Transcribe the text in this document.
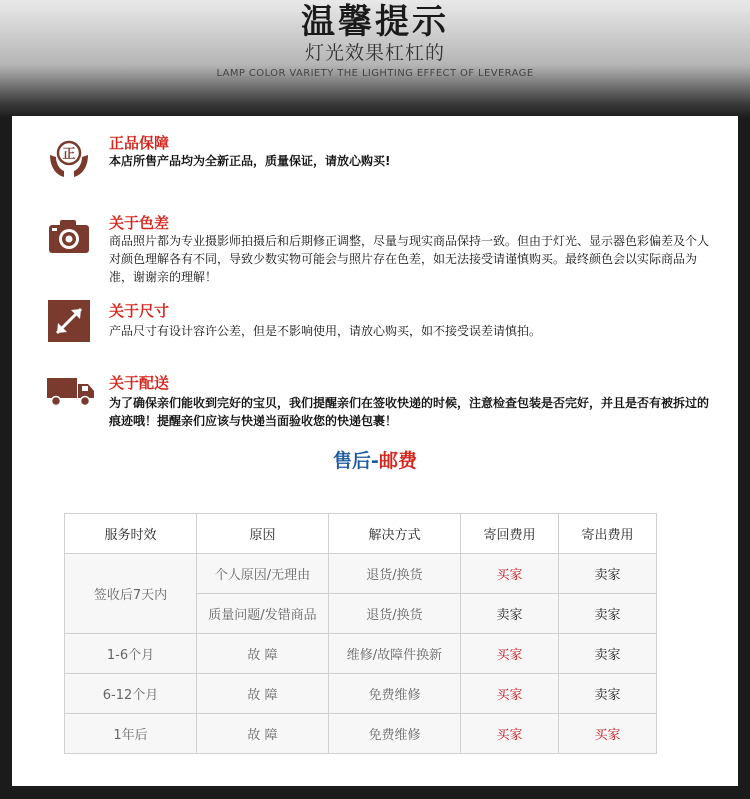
温馨提示
灯光效果杠杠的
LAMP COLOR VARIETY THE LIGHTING EFFECT OF LEVERAGE
正
正品保障
本店所售产品均为全新正品，质量保证，请放心购买!
关于色差
商品照片都为专业摄影师拍摄后和后期修正调整，尽量与现实商品保持一致。但由于灯光、显示器色彩偏差及个人对颜色理解各有不同，导致少数实物可能会与照片存在色差，如无法接受请谨慎购买。最终颜色会以实际商品为准，谢谢亲的理解！
关于尺寸
产品尺寸有设计容许公差，但是不影响使用，请放心购买，如不接受误差请慎拍。
关于配送
为了确保亲们能收到完好的宝贝，我们提醒亲们在签收快递的时候，注意检查包装是否完好，并且是否有被拆过的痕迹哦！提醒亲们应该与快递当面验收您的快递包裹！
售后-邮费
服务时效	原因	解决方式	寄回费用	寄出费用
签收后7天内	个人原因/无理由	退货/换货	买家	卖家
	质量问题/发错商品	退货/换货	卖家	卖家
1-6个月	故 障	维修/故障件换新	买家	卖家
6-12个月	故 障	免费维修	买家	卖家
1年后	故 障	免费维修	买家	买家
